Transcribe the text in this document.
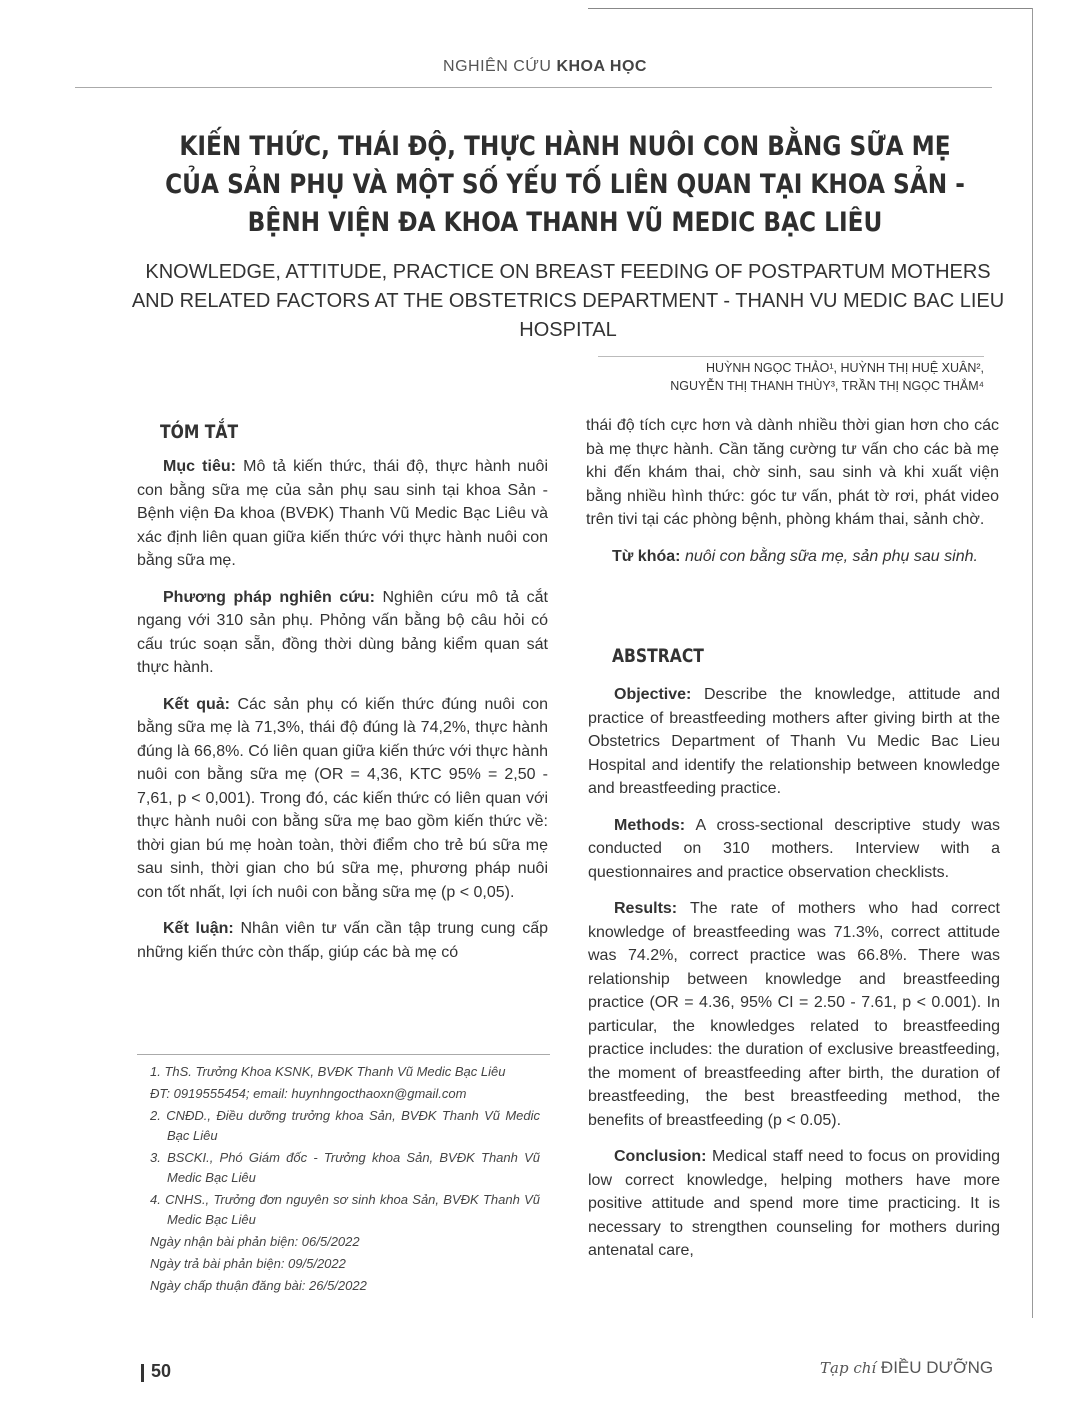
NGHIÊN CỨU KHOA HỌC
KIẾN THỨC, THÁI ĐỘ, THỰC HÀNH NUÔI CON BẰNG SỮA MẸ
CỦA SẢN PHỤ VÀ MỘT SỐ YẾU TỐ LIÊN QUAN TẠI KHOA SẢN -
BỆNH VIỆN ĐA KHOA THANH VŨ MEDIC BẠC LIÊU
KNOWLEDGE, ATTITUDE, PRACTICE ON BREAST FEEDING OF POSTPARTUM MOTHERS
AND RELATED FACTORS AT THE OBSTETRICS DEPARTMENT - THANH VU MEDIC BAC LIEU
HOSPITAL
HUỲNH NGỌC THẢO¹, HUỲNH THỊ HUỆ XUÂN²,
NGUYỄN THỊ THANH THÙY³, TRẦN THỊ NGỌC THẮM⁴
TÓM TẮT

Mục tiêu: Mô tả kiến thức, thái độ, thực hành nuôi con bằng sữa mẹ của sản phụ sau sinh tại khoa Sản - Bệnh viện Đa khoa (BVĐK) Thanh Vũ Medic Bạc Liêu và xác định liên quan giữa kiến thức với thực hành nuôi con bằng sữa mẹ.

Phương pháp nghiên cứu: Nghiên cứu mô tả cắt ngang với 310 sản phụ. Phỏng vấn bằng bộ câu hỏi có cấu trúc soạn sẵn, đồng thời dùng bảng kiểm quan sát thực hành.

Kết quả: Các sản phụ có kiến thức đúng nuôi con bằng sữa mẹ là 71,3%, thái độ đúng là 74,2%, thực hành đúng là 66,8%. Có liên quan giữa kiến thức với thực hành nuôi con bằng sữa mẹ (OR = 4,36, KTC 95% = 2,50 - 7,61, p < 0,001). Trong đó, các kiến thức có liên quan với thực hành nuôi con bằng sữa mẹ bao gồm kiến thức về: thời gian bú mẹ hoàn toàn, thời điểm cho trẻ bú sữa mẹ sau sinh, thời gian cho bú sữa mẹ, phương pháp nuôi con tốt nhất, lợi ích nuôi con bằng sữa mẹ (p < 0,05).

Kết luận: Nhân viên tư vấn cần tập trung cung cấp những kiến thức còn thấp, giúp các bà mẹ có

1. ThS. Trưởng Khoa KSNK, BVĐK Thanh Vũ Medic Bạc Liêu

ĐT: 0919555454; email: huynhngocthaoxn@gmail.com

2. CNĐD., Điều dưỡng trưởng khoa Sản, BVĐK Thanh Vũ Medic Bạc Liêu

3. BSCKI., Phó Giám đốc - Trưởng khoa Sản, BVĐK Thanh Vũ Medic Bạc Liêu

4. CNHS., Trưởng đơn nguyên sơ sinh khoa Sản, BVĐK Thanh Vũ Medic Bạc Liêu

Ngày nhận bài phản biện: 06/5/2022

Ngày trả bài phản biện: 09/5/2022

Ngày chấp thuận đăng bài: 26/5/2022

thái độ tích cực hơn và dành nhiều thời gian hơn cho các bà mẹ thực hành. Cần tăng cường tư vấn cho các bà mẹ khi đến khám thai, chờ sinh, sau sinh và khi xuất viện bằng nhiều hình thức: góc tư vấn, phát tờ rơi, phát video trên tivi tại các phòng bệnh, phòng khám thai, sảnh chờ.

Từ khóa: nuôi con bằng sữa mẹ, sản phụ sau sinh.

ABSTRACT

Objective: Describe the knowledge, attitude and practice of breastfeeding mothers after giving birth at the Obstetrics Department of Thanh Vu Medic Bac Lieu Hospital and identify the relationship between knowledge and breastfeeding practice.

Methods: A cross-sectional descriptive study was conducted on 310 mothers. Interview with a questionnaires and practice observation checklists.

Results: The rate of mothers who had correct knowledge of breastfeeding was 71.3%, correct attitude was 74.2%, correct practice was 66.8%. There was relationship between knowledge and breastfeeding practice (OR = 4.36, 95% CI = 2.50 - 7.61, p < 0.001). In particular, the knowledges related to breastfeeding practice includes: the duration of exclusive breastfeeding, the moment of breastfeeding after birth, the duration of breastfeeding, the best breastfeeding method, the benefits of breastfeeding (p < 0.05).

Conclusion: Medical staff need to focus on providing low correct knowledge, helping mothers have more positive attitude and spend more time practicing. It is necessary to strengthen counseling for mothers during antenatal care,

50	Tạp chí ĐIỀU DƯỠNG
